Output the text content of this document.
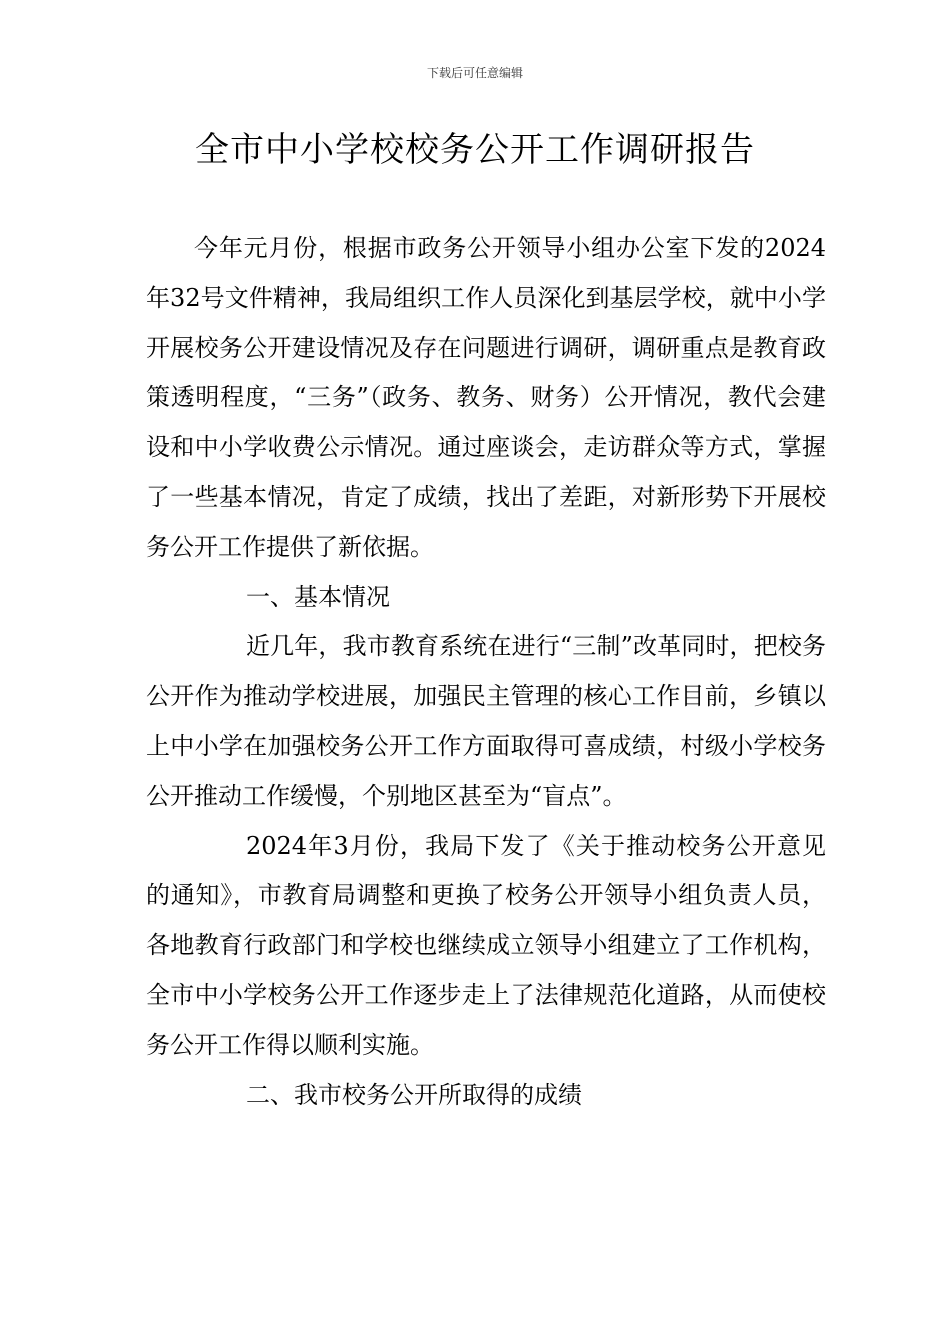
下载后可任意编辑
全市中小学校校务公开工作调研报告

今年元月份，根据市政务公开领导小组办公室下发的2024年32号文件精神，我局组织工作人员深化到基层学校，就中小学开展校务公开建设情况及存在问题进行调研，调研重点是教育政策透明程度，“三务”（政务、教务、财务）公开情况，教代会建设和中小学收费公示情况。通过座谈会，走访群众等方式，掌握了一些基本情况，肯定了成绩，找出了差距，对新形势下开展校务公开工作提供了新依据。

一、基本情况

近几年，我市教育系统在进行“三制”改革同时，把校务公开作为推动学校进展，加强民主管理的核心工作目前，乡镇以上中小学在加强校务公开工作方面取得可喜成绩，村级小学校务公开推动工作缓慢，个别地区甚至为“盲点”。

2024年3月份，我局下发了《关于推动校务公开意见的通知》，市教育局调整和更换了校务公开领导小组负责人员，各地教育行政部门和学校也继续成立领导小组建立了工作机构，全市中小学校务公开工作逐步走上了法律规范化道路，从而使校务公开工作得以顺利实施。

二、我市校务公开所取得的成绩
